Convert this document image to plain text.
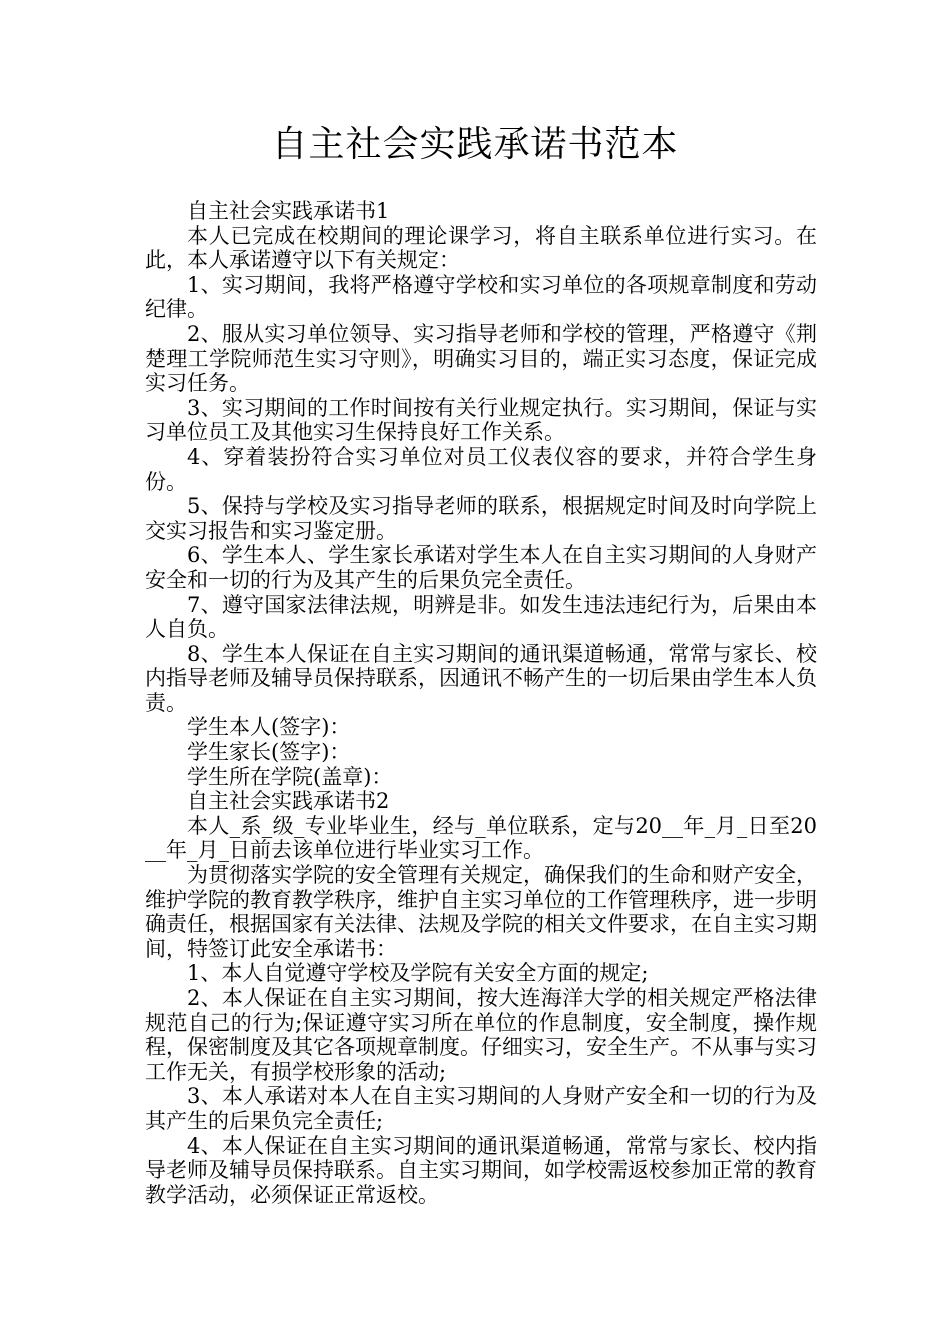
自主社会实践承诺书范本

自主社会实践承诺书1

本人已完成在校期间的理论课学习，将自主联系单位进行实习。在此，本人承诺遵守以下有关规定：

1、实习期间，我将严格遵守学校和实习单位的各项规章制度和劳动纪律。

2、服从实习单位领导、实习指导老师和学校的管理，严格遵守《荆楚理工学院师范生实习守则》，明确实习目的，端正实习态度，保证完成实习任务。

3、实习期间的工作时间按有关行业规定执行。实习期间，保证与实习单位员工及其他实习生保持良好工作关系。

4、穿着装扮符合实习单位对员工仪表仪容的要求，并符合学生身份。

5、保持与学校及实习指导老师的联系，根据规定时间及时向学院上交实习报告和实习鉴定册。

6、学生本人、学生家长承诺对学生本人在自主实习期间的人身财产安全和一切的行为及其产生的后果负完全责任。

7、遵守国家法律法规，明辨是非。如发生违法违纪行为，后果由本人自负。

8、学生本人保证在自主实习期间的通讯渠道畅通，常常与家长、校内指导老师及辅导员保持联系，因通讯不畅产生的一切后果由学生本人负责。

学生本人(签字)：

学生家长(签字)：

学生所在学院(盖章)：

自主社会实践承诺书2

本人_系_级_专业毕业生，经与_单位联系，定与20__年_月_日至20__年_月_日前去该单位进行毕业实习工作。

为贯彻落实学院的安全管理有关规定，确保我们的生命和财产安全，维护学院的教育教学秩序，维护自主实习单位的工作管理秩序，进一步明确责任，根据国家有关法律、法规及学院的相关文件要求，在自主实习期间，特签订此安全承诺书：

1、本人自觉遵守学校及学院有关安全方面的规定;

2、本人保证在自主实习期间，按大连海洋大学的相关规定严格法律规范自己的行为;保证遵守实习所在单位的作息制度，安全制度，操作规程，保密制度及其它各项规章制度。仔细实习，安全生产。不从事与实习工作无关，有损学校形象的活动;

3、本人承诺对本人在自主实习期间的人身财产安全和一切的行为及其产生的后果负完全责任;

4、本人保证在自主实习期间的通讯渠道畅通，常常与家长、校内指导老师及辅导员保持联系。自主实习期间，如学校需返校参加正常的教育教学活动，必须保证正常返校。
